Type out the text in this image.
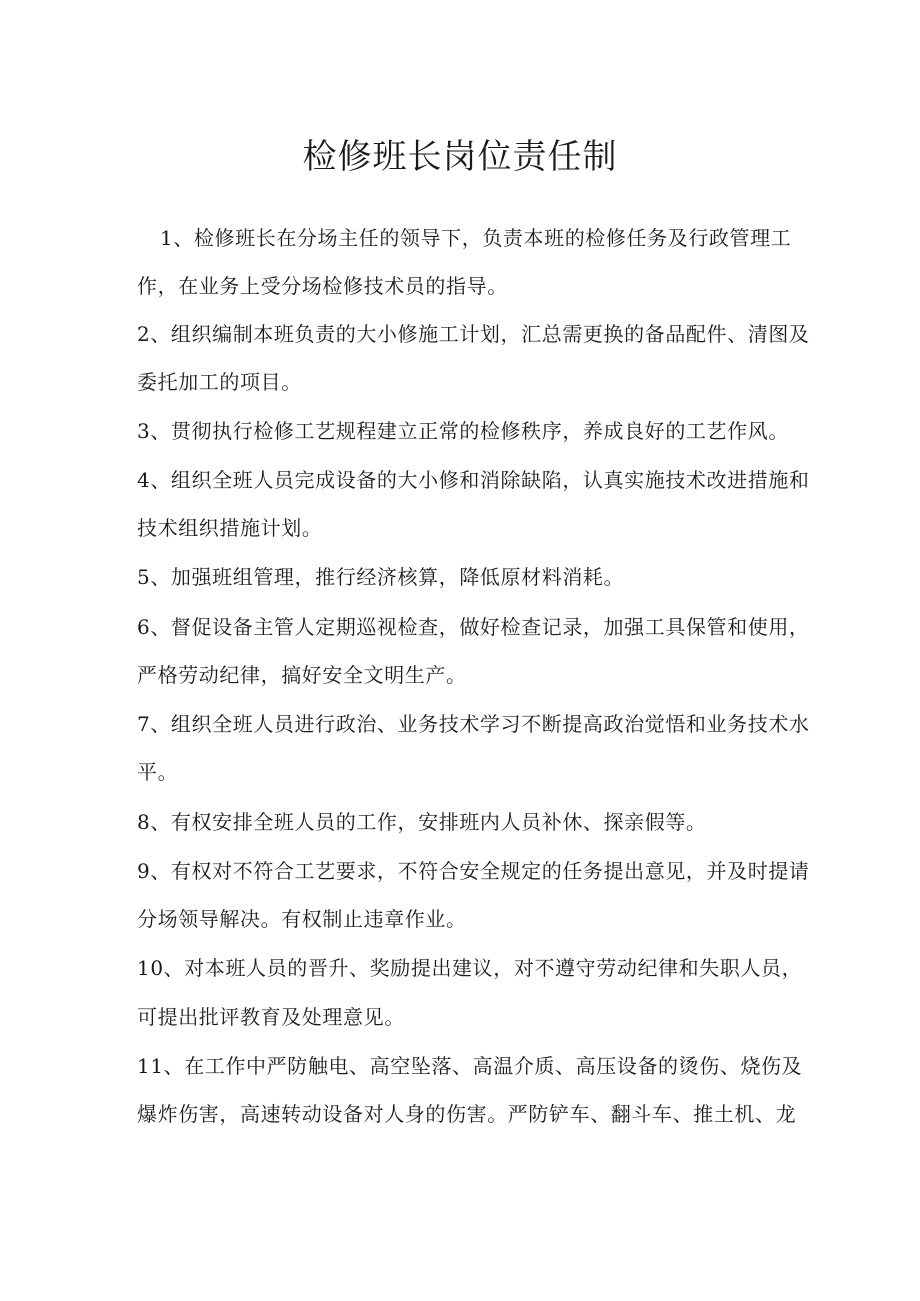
检修班长岗位责任制
1、检修班长在分场主任的领导下，负责本班的检修任务及行政管理工
作，在业务上受分场检修技术员的指导。
2、组织编制本班负责的大小修施工计划，汇总需更换的备品配件、清图及
委托加工的项目。
3、贯彻执行检修工艺规程建立正常的检修秩序，养成良好的工艺作风。
4、组织全班人员完成设备的大小修和消除缺陷，认真实施技术改进措施和
技术组织措施计划。
5、加强班组管理，推行经济核算，降低原材料消耗。
6、督促设备主管人定期巡视检查，做好检查记录，加强工具保管和使用，
严格劳动纪律，搞好安全文明生产。
7、组织全班人员进行政治、业务技术学习不断提高政治觉悟和业务技术水
平。
8、有权安排全班人员的工作，安排班内人员补休、探亲假等。
9、有权对不符合工艺要求，不符合安全规定的任务提出意见，并及时提请
分场领导解决。有权制止违章作业。
10、对本班人员的晋升、奖励提出建议，对不遵守劳动纪律和失职人员，
可提出批评教育及处理意见。
11、在工作中严防触电、高空坠落、高温介质、高压设备的烫伤、烧伤及
爆炸伤害，高速转动设备对人身的伤害。严防铲车、翻斗车、推土机、龙
